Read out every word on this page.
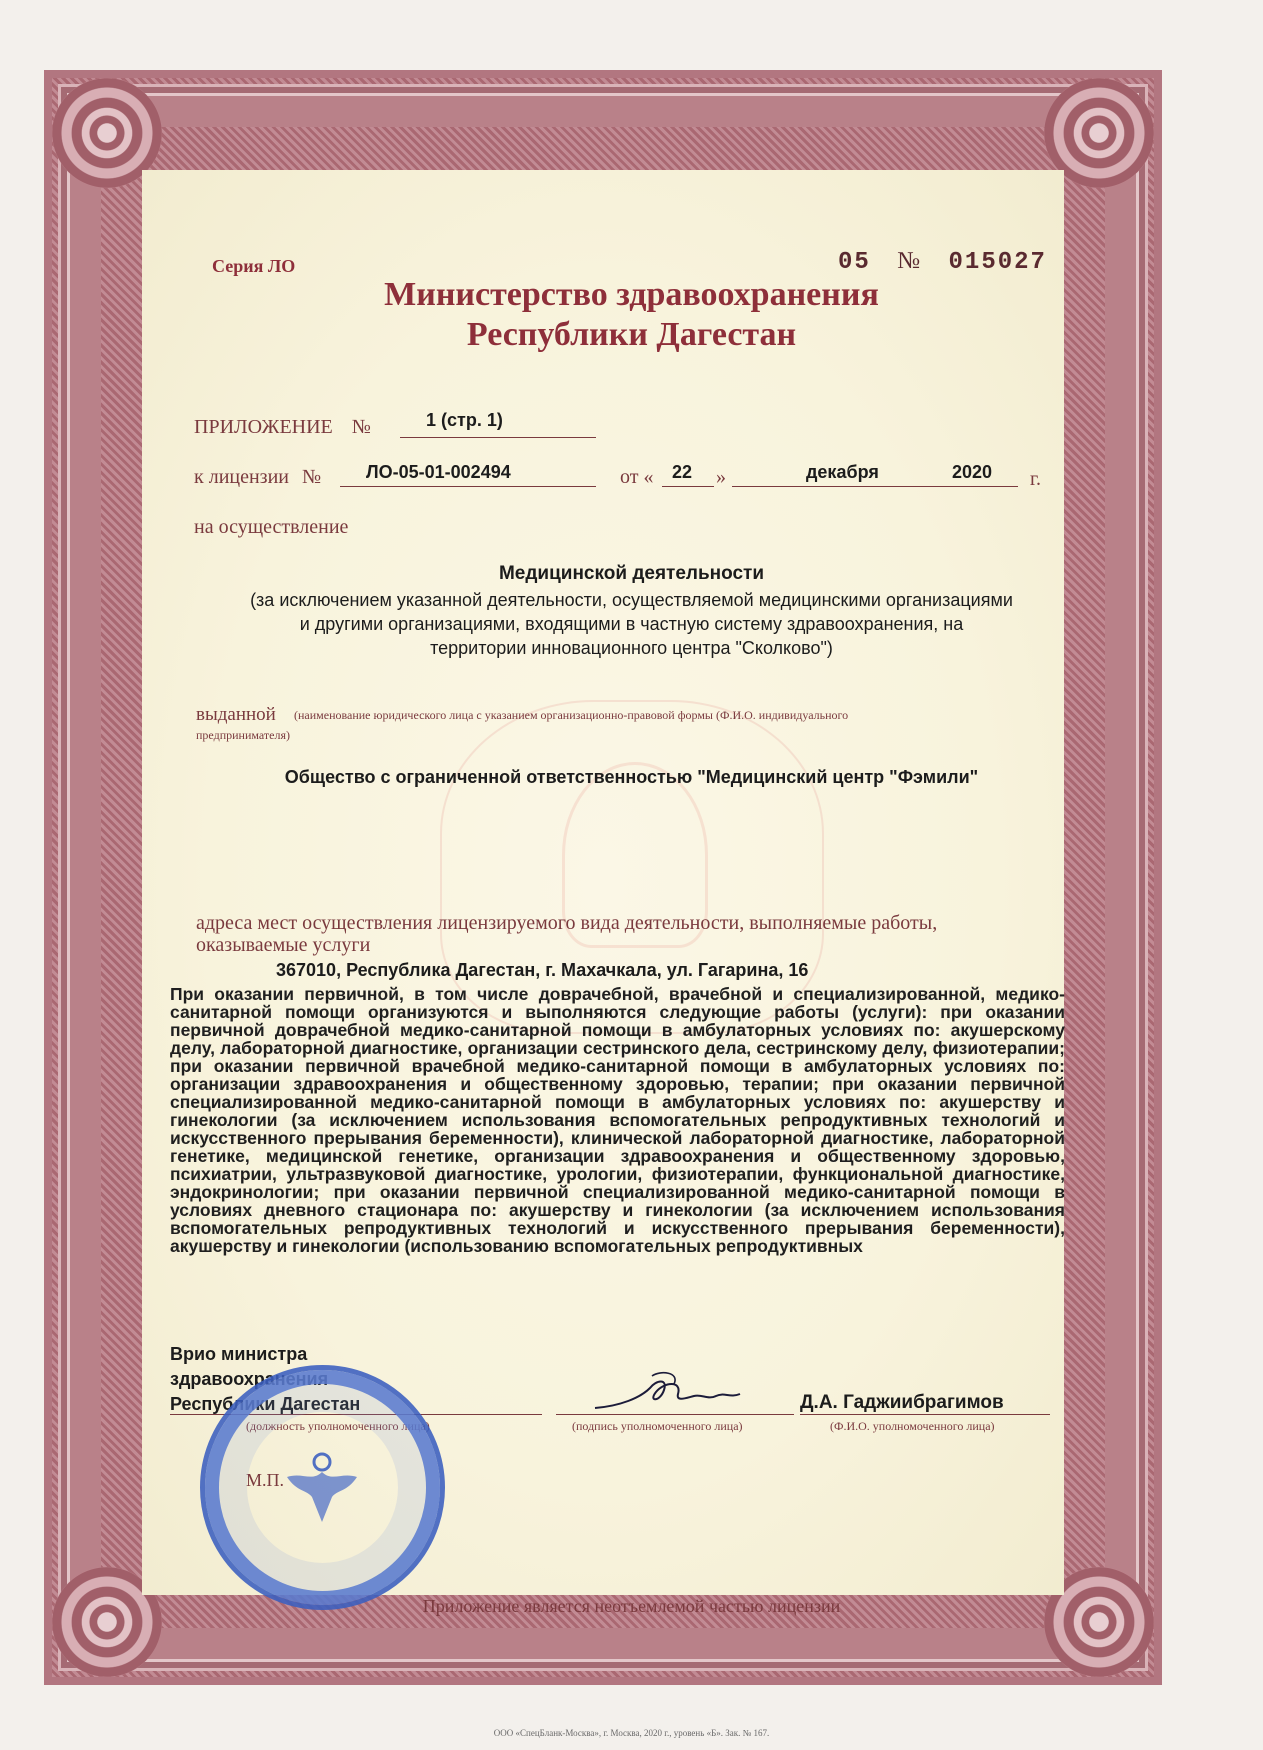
Серия ЛО	05 № 015027
Министерство здравоохранения
Республики Дагестан
ПРИЛОЖЕНИЕ №	1 (стр. 1)
к лицензии № ЛО-05-01-002494	от « 22 »	декабря	2020 г.
на осуществление
Медицинской деятельности
(за исключением указанной деятельности, осуществляемой медицинскими организациями
и другими организациями, входящими в частную систему здравоохранения, на
территории инновационного центра "Сколково")
выданной (наименование юридического лица с указанием организационно-правовой формы (Ф.И.О. индивидуального
предпринимателя)
Общество с ограниченной ответственностью "Медицинский центр "Фэмили"
адреса мест осуществления лицензируемого вида деятельности, выполняемые работы,
оказываемые услуги
367010, Республика Дагестан, г. Махачкала, ул. Гагарина, 16
При оказании первичной, в том числе доврачебной, врачебной и специализированной, медико-санитарной помощи организуются и выполняются следующие работы (услуги): при оказании первичной доврачебной медико-санитарной помощи в амбулаторных условиях по: акушерскому делу, лабораторной диагностике, организации сестринского дела, сестринскому делу, физиотерапии; при оказании первичной врачебной медико-санитарной помощи в амбулаторных условиях по: организации здравоохранения и общественному здоровью, терапии; при оказании первичной специализированной медико-санитарной помощи в амбулаторных условиях по: акушерству и гинекологии (за исключением использования вспомогательных репродуктивных технологий и искусственного прерывания беременности), клинической лабораторной диагностике, лабораторной генетике, медицинской генетике, организации здравоохранения и общественному здоровью, психиатрии, ультразвуковой диагностике, урологии, физиотерапии, функциональной диагностике, эндокринологии; при оказании первичной специализированной медико-санитарной помощи в условиях дневного стационара по: акушерству и гинекологии (за исключением использования вспомогательных репродуктивных технологий и искусственного прерывания беременности), акушерству и гинекологии (использованию вспомогательных репродуктивных
Врио министра
здравоохранения
Республики Дагестан
(должность уполномоченного лица)	(подпись уполномоченного лица)
Д.А. Гаджиибрагимов
(Ф.И.О. уполномоченного лица)
М.П.
Приложение является неотъемлемой частью лицензии
ООО «СпецБланк-Москва», г. Москва, 2020 г., уровень «Б». Зак. № 167.
